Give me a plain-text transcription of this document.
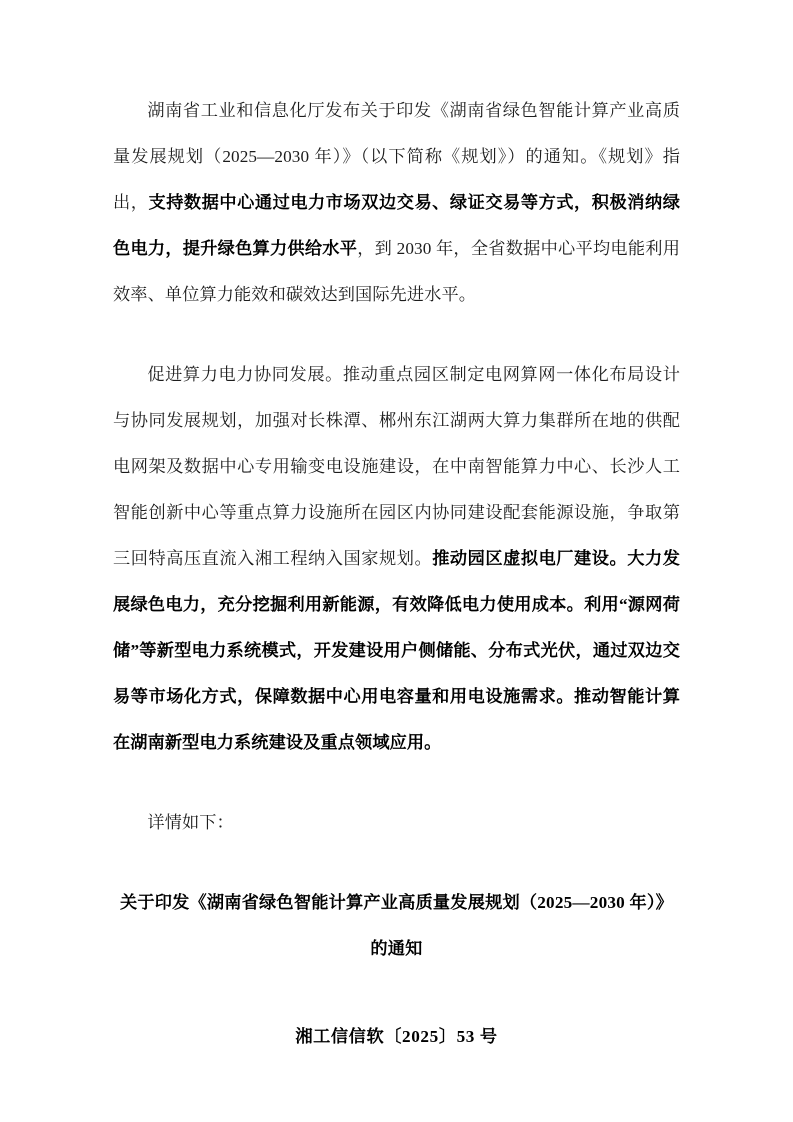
湖南省工业和信息化厅发布关于印发《湖南省绿色智能计算产业高质量发展规划（2025—2030 年）》（以下简称《规划》）的通知。《规划》指出，支持数据中心通过电力市场双边交易、绿证交易等方式，积极消纳绿色电力，提升绿色算力供给水平，到 2030 年，全省数据中心平均电能利用效率、单位算力能效和碳效达到国际先进水平。

促进算力电力协同发展。推动重点园区制定电网算网一体化布局设计与协同发展规划，加强对长株潭、郴州东江湖两大算力集群所在地的供配电网架及数据中心专用输变电设施建设，在中南智能算力中心、长沙人工智能创新中心等重点算力设施所在园区内协同建设配套能源设施，争取第三回特高压直流入湘工程纳入国家规划。推动园区虚拟电厂建设。大力发展绿色电力，充分挖掘利用新能源，有效降低电力使用成本。利用“源网荷储”等新型电力系统模式，开发建设用户侧储能、分布式光伏，通过双边交易等市场化方式，保障数据中心用电容量和用电设施需求。推动智能计算在湖南新型电力系统建设及重点领域应用。

详情如下：

关于印发《湖南省绿色智能计算产业高质量发展规划（2025—2030 年）》的通知

湘工信信软〔2025〕53 号
